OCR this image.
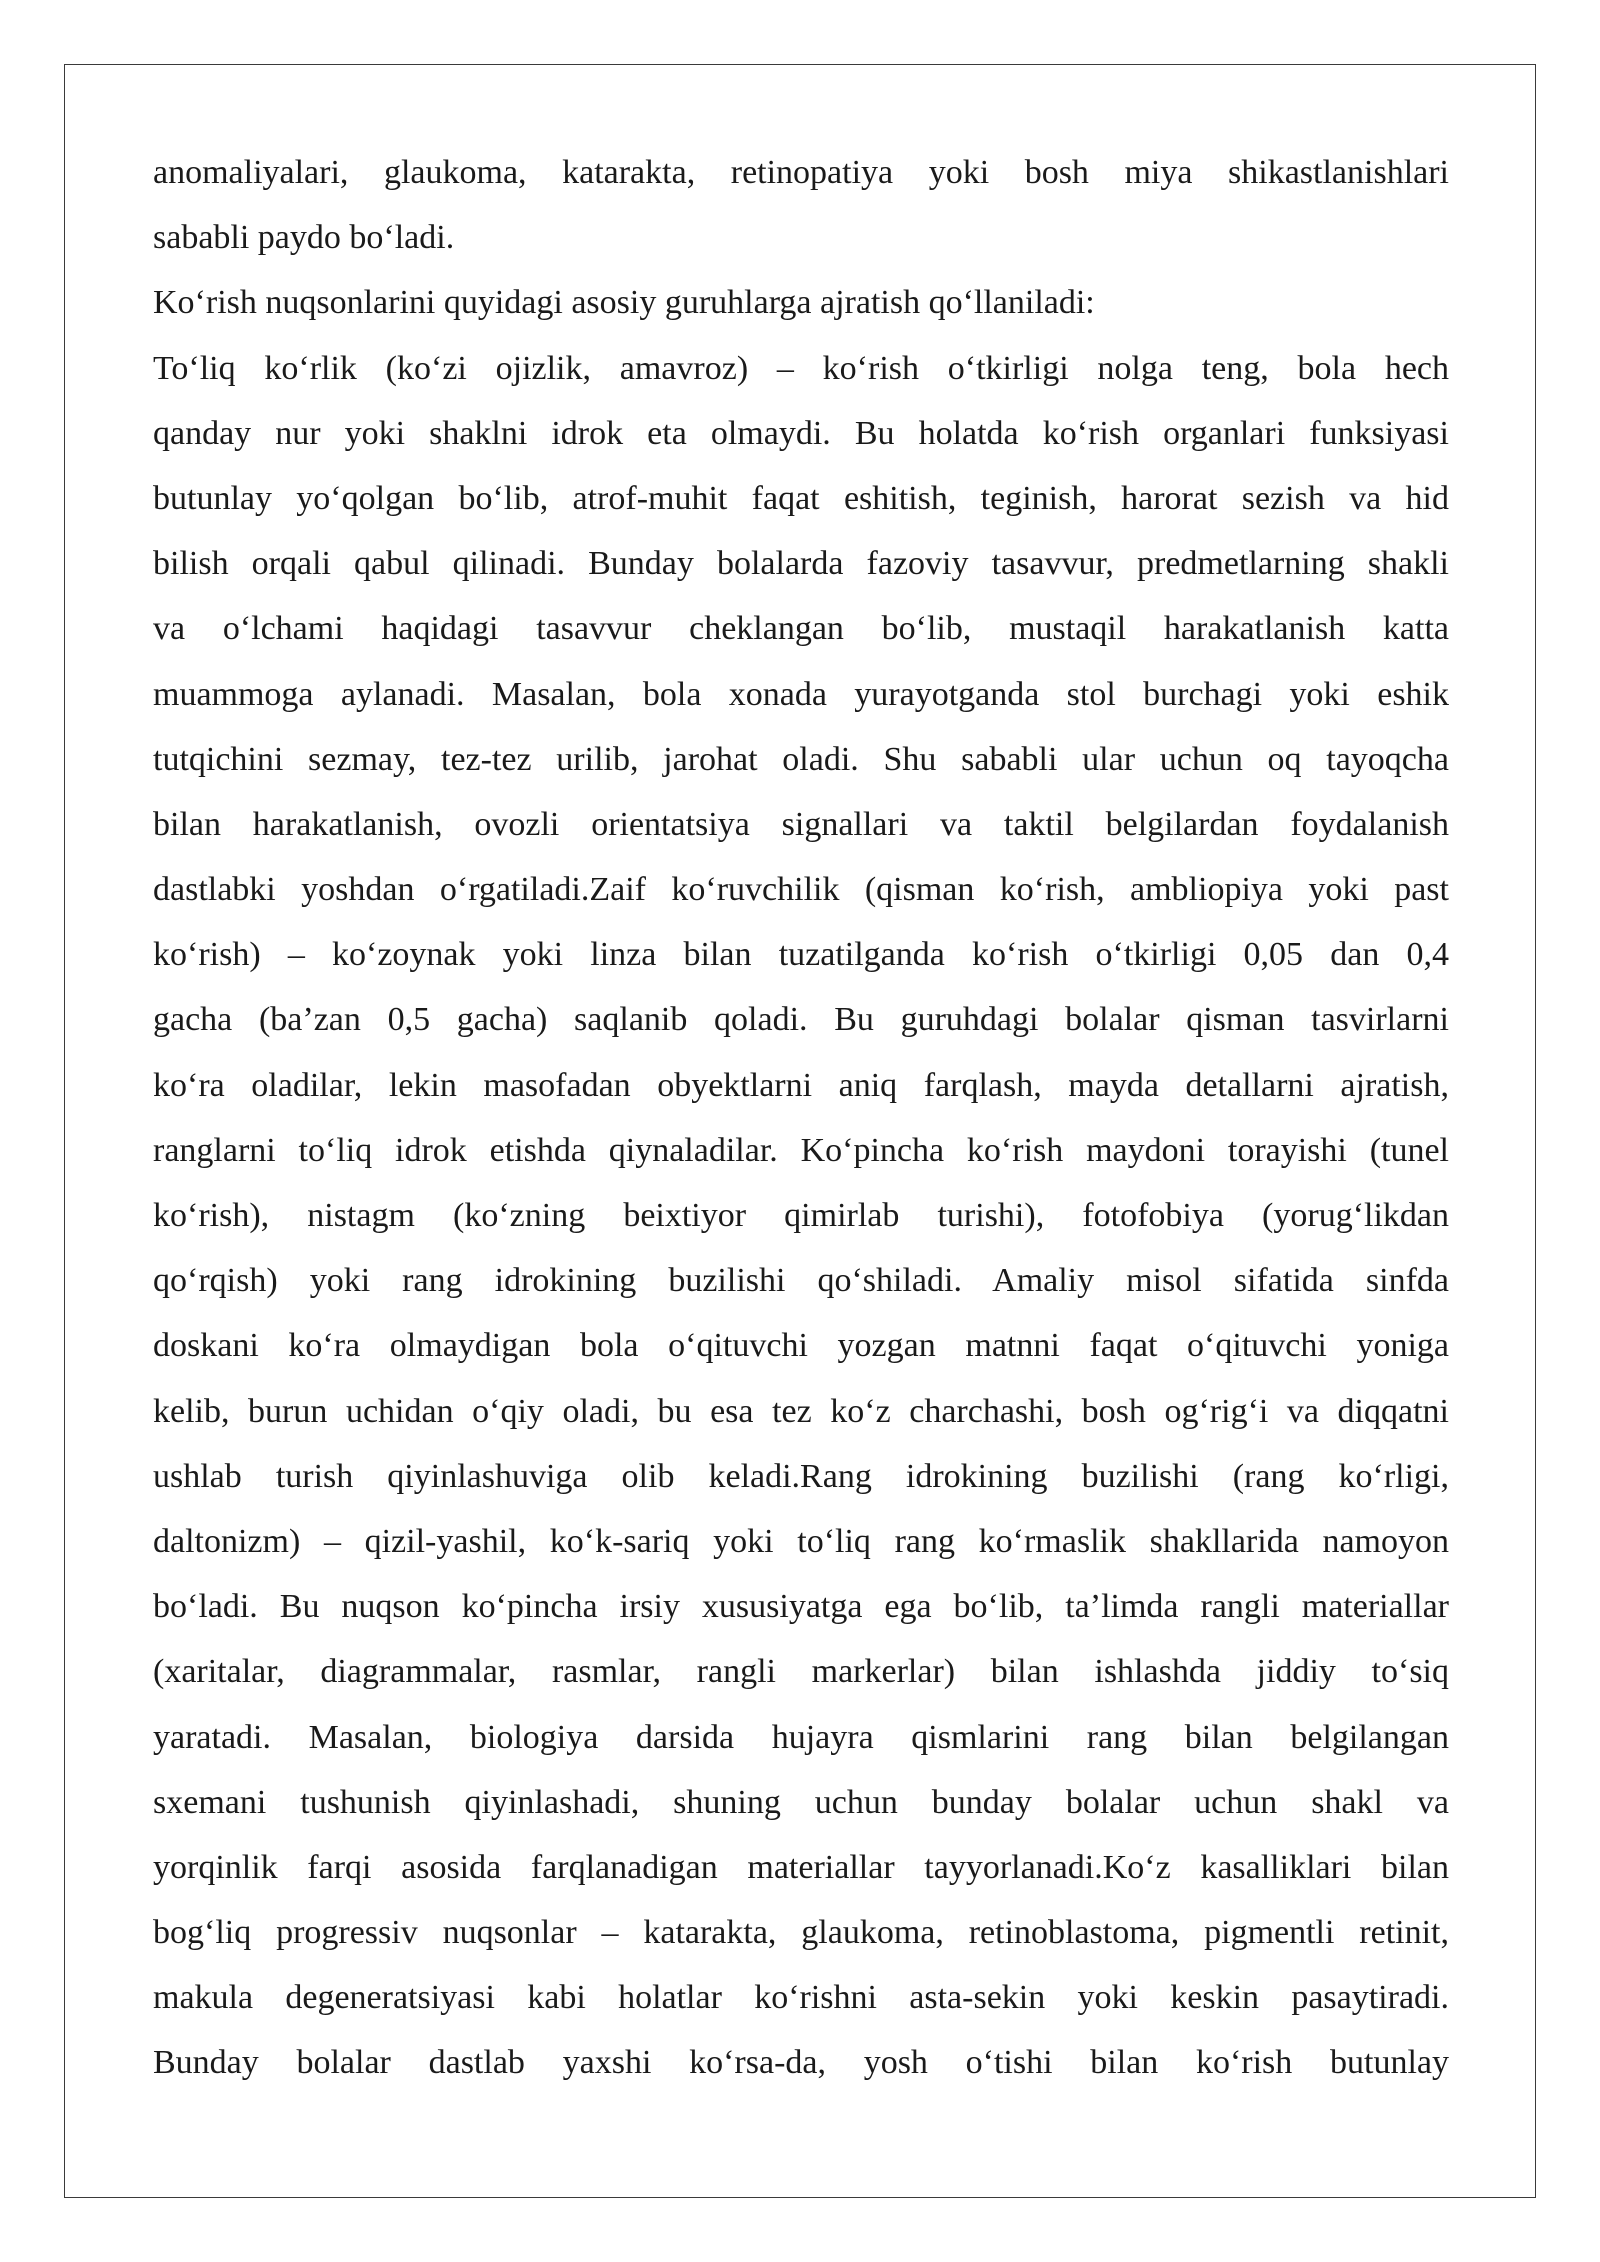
anomaliyalari, glaukoma, katarakta, retinopatiya yoki bosh miya shikastlanishlari
sababli paydo bo‘ladi.

Ko‘rish nuqsonlarini quyidagi asosiy guruhlarga ajratish qo‘llaniladi:

To‘liq ko‘rlik (ko‘zi ojizlik, amavroz) – ko‘rish o‘tkirligi nolga teng, bola hech
qanday nur yoki shaklni idrok eta olmaydi. Bu holatda ko‘rish organlari funksiyasi
butunlay yo‘qolgan bo‘lib, atrof-muhit faqat eshitish, teginish, harorat sezish va hid
bilish orqali qabul qilinadi. Bunday bolalarda fazoviy tasavvur, predmetlarning shakli
va o‘lchami haqidagi tasavvur cheklangan bo‘lib, mustaqil harakatlanish katta
muammoga aylanadi. Masalan, bola xonada yurayotganda stol burchagi yoki eshik
tutqichini sezmay, tez-tez urilib, jarohat oladi. Shu sababli ular uchun oq tayoqcha
bilan harakatlanish, ovozli orientatsiya signallari va taktil belgilardan foydalanish
dastlabki yoshdan o‘rgatiladi.Zaif ko‘ruvchilik (qisman ko‘rish, ambliopiya yoki past
ko‘rish) – ko‘zoynak yoki linza bilan tuzatilganda ko‘rish o‘tkirligi 0,05 dan 0,4
gacha (ba’zan 0,5 gacha) saqlanib qoladi. Bu guruhdagi bolalar qisman tasvirlarni
ko‘ra oladilar, lekin masofadan obyektlarni aniq farqlash, mayda detallarni ajratish,
ranglarni to‘liq idrok etishda qiynaladilar. Ko‘pincha ko‘rish maydoni torayishi (tunel
ko‘rish), nistagm (ko‘zning beixtiyor qimirlab turishi), fotofobiya (yorug‘likdan
qo‘rqish) yoki rang idrokining buzilishi qo‘shiladi. Amaliy misol sifatida sinfda
doskani ko‘ra olmaydigan bola o‘qituvchi yozgan matnni faqat o‘qituvchi yoniga
kelib, burun uchidan o‘qiy oladi, bu esa tez ko‘z charchashi, bosh og‘rig‘i va diqqatni
ushlab turish qiyinlashuviga olib keladi.Rang idrokining buzilishi (rang ko‘rligi,
daltonizm) – qizil-yashil, ko‘k-sariq yoki to‘liq rang ko‘rmaslik shakllarida namoyon
bo‘ladi. Bu nuqson ko‘pincha irsiy xususiyatga ega bo‘lib, ta’limda rangli materiallar
(xaritalar, diagrammalar, rasmlar, rangli markerlar) bilan ishlashda jiddiy to‘siq
yaratadi. Masalan, biologiya darsida hujayra qismlarini rang bilan belgilangan
sxemani tushunish qiyinlashadi, shuning uchun bunday bolalar uchun shakl va
yorqinlik farqi asosida farqlanadigan materiallar tayyorlanadi.Ko‘z kasalliklari bilan
bog‘liq progressiv nuqsonlar – katarakta, glaukoma, retinoblastoma, pigmentli retinit,
makula degeneratsiyasi kabi holatlar ko‘rishni asta-sekin yoki keskin pasaytiradi.
Bunday bolalar dastlab yaxshi ko‘rsa-da, yosh o‘tishi bilan ko‘rish butunlay
